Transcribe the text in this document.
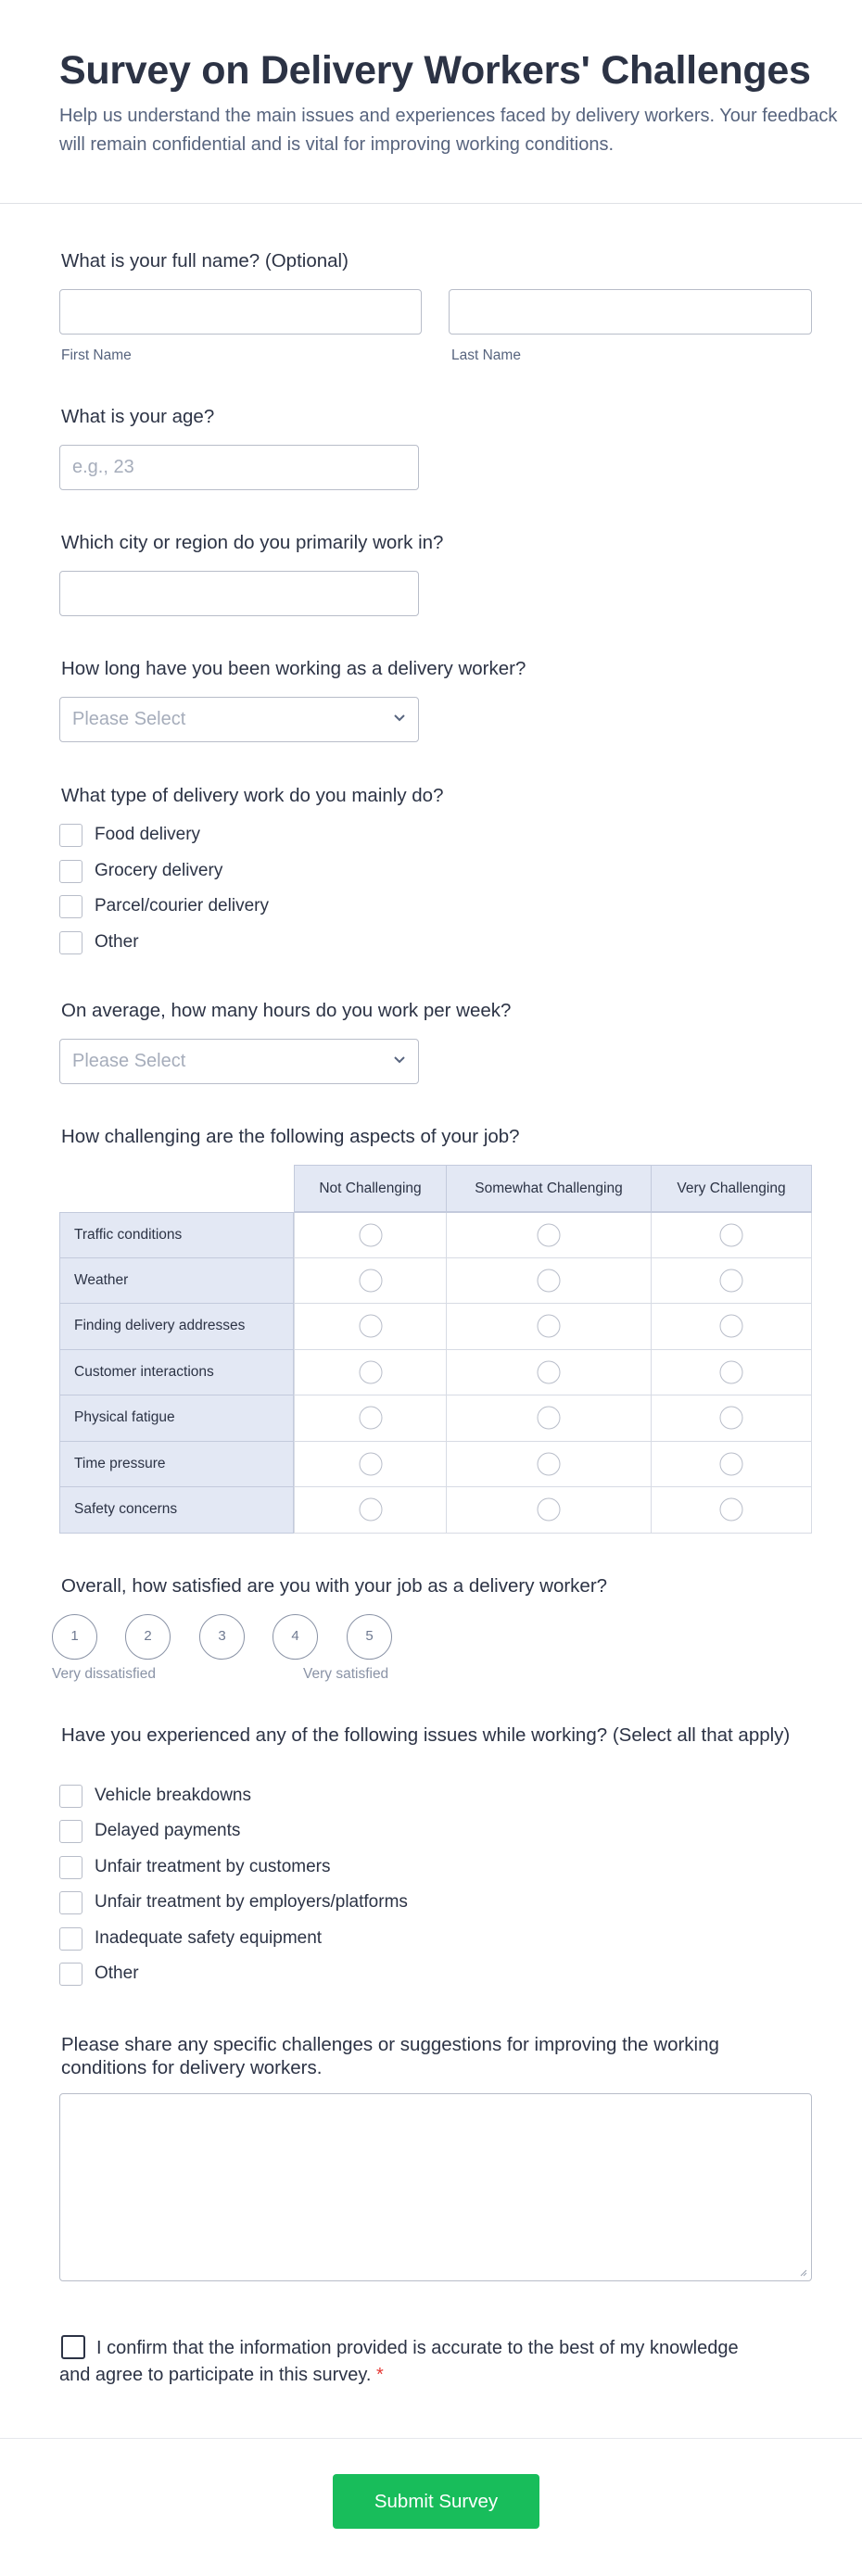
Survey on Delivery Workers' Challenges
Help us understand the main issues and experiences faced by delivery workers. Your feedback will remain confidential and is vital for improving working conditions.
What is your full name? (Optional)
First Name	Last Name
What is your age?
e.g., 23
Which city or region do you primarily work in?
How long have you been working as a delivery worker?
Please Select
What type of delivery work do you mainly do?
Food delivery
Grocery delivery
Parcel/courier delivery
Other
On average, how many hours do you work per week?
Please Select
How challenging are the following aspects of your job?
Not Challenging	Somewhat Challenging	Very Challenging
Traffic conditions
Weather
Finding delivery addresses
Customer interactions
Physical fatigue
Time pressure
Safety concerns
Overall, how satisfied are you with your job as a delivery worker?
1	2	3	4	5
Very dissatisfied	Very satisfied
Have you experienced any of the following issues while working? (Select all that apply)
Vehicle breakdowns
Delayed payments
Unfair treatment by customers
Unfair treatment by employers/platforms
Inadequate safety equipment
Other
Please share any specific challenges or suggestions for improving the working conditions for delivery workers.
I confirm that the information provided is accurate to the best of my knowledge and agree to participate in this survey. *
Submit Survey
